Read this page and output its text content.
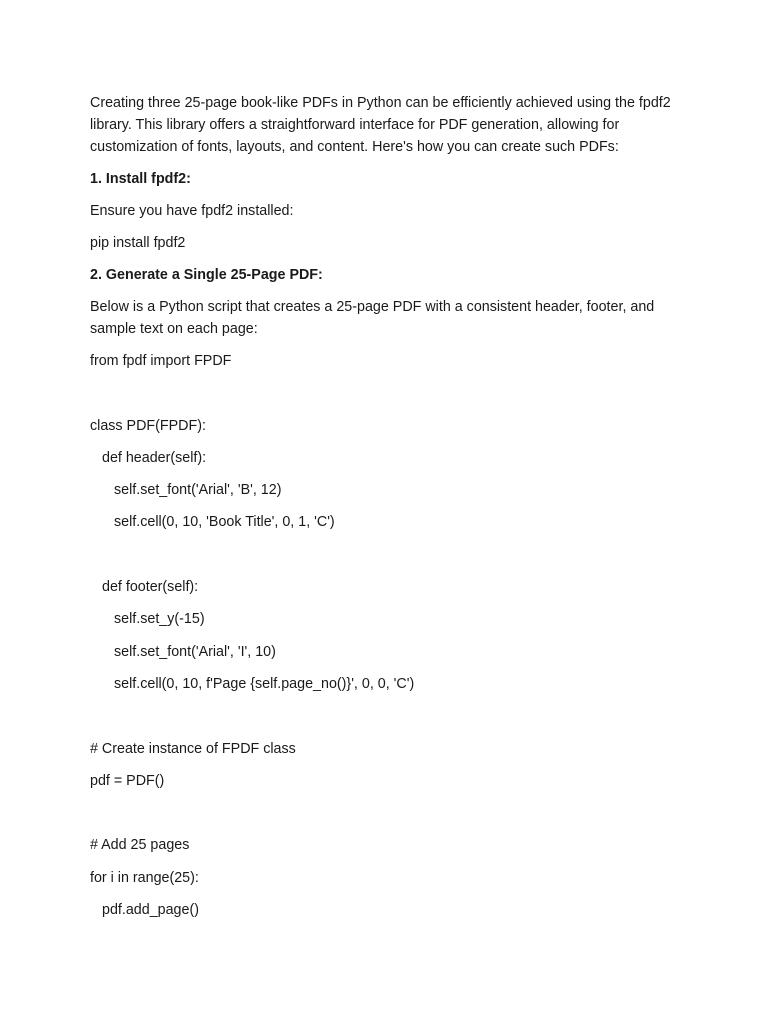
Creating three 25-page book-like PDFs in Python can be efficiently achieved using the fpdf2 library. This library offers a straightforward interface for PDF generation, allowing for customization of fonts, layouts, and content. Here's how you can create such PDFs:

1. Install fpdf2:

Ensure you have fpdf2 installed:

pip install fpdf2

2. Generate a Single 25-Page PDF:

Below is a Python script that creates a 25-page PDF with a consistent header, footer, and sample text on each page:

from fpdf import FPDF
class PDF(FPDF):
def header(self):
self.set_font('Arial', 'B', 12)
self.cell(0, 10, 'Book Title', 0, 1, 'C')
def footer(self):
self.set_y(-15)
self.set_font('Arial', 'I', 10)
self.cell(0, 10, f'Page {self.page_no()}', 0, 0, 'C')
# Create instance of FPDF class
pdf = PDF()
# Add 25 pages
for i in range(25):
pdf.add_page()
